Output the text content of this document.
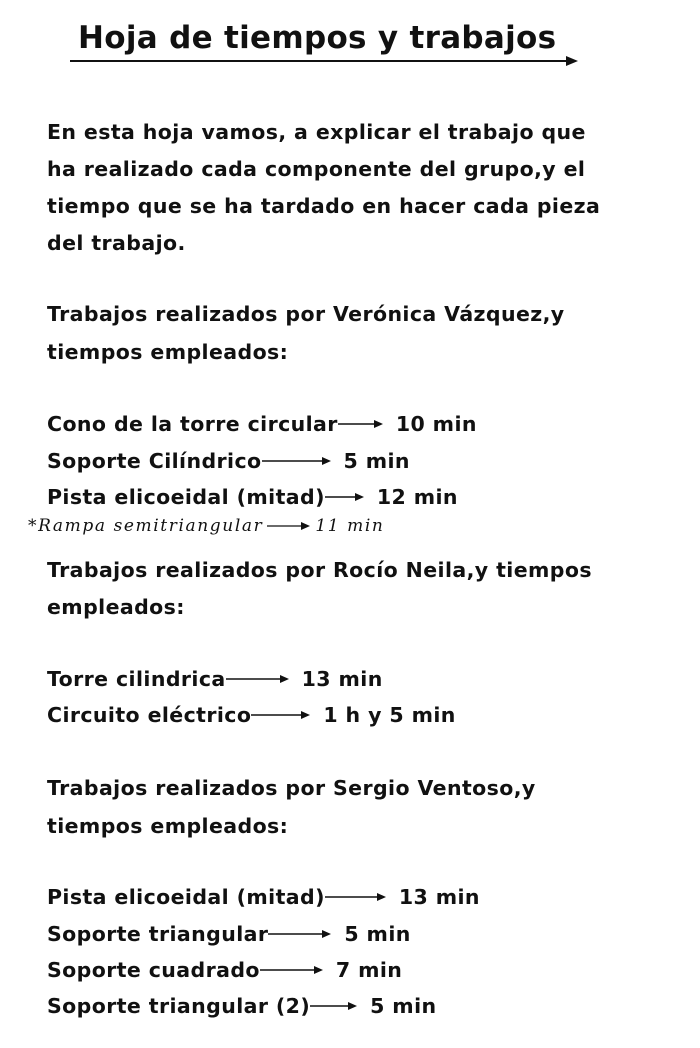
Hoja de tiempos y trabajos
En esta hoja vamos, a explicar el trabajo que
ha realizado cada componente del grupo,y el
tiempo que se ha tardado en hacer cada pieza
del trabajo.
Trabajos realizados por Verónica Vázquez,y
tiempos empleados:
Cono de la torre circular	10 min
Soporte Cilíndrico	5 min
Pista elicoeidal (mitad)	12 min
*Rampa semitriangular	11 min
Trabajos realizados por Rocío Neila,y tiempos
empleados:
Torre cilindrica	13 min
Circuito eléctrico	1 h y 5 min
Trabajos realizados por Sergio Ventoso,y
tiempos empleados:
Pista elicoeidal (mitad)	13 min
Soporte triangular	5 min
Soporte cuadrado	7 min
Soporte triangular (2)	5 min
